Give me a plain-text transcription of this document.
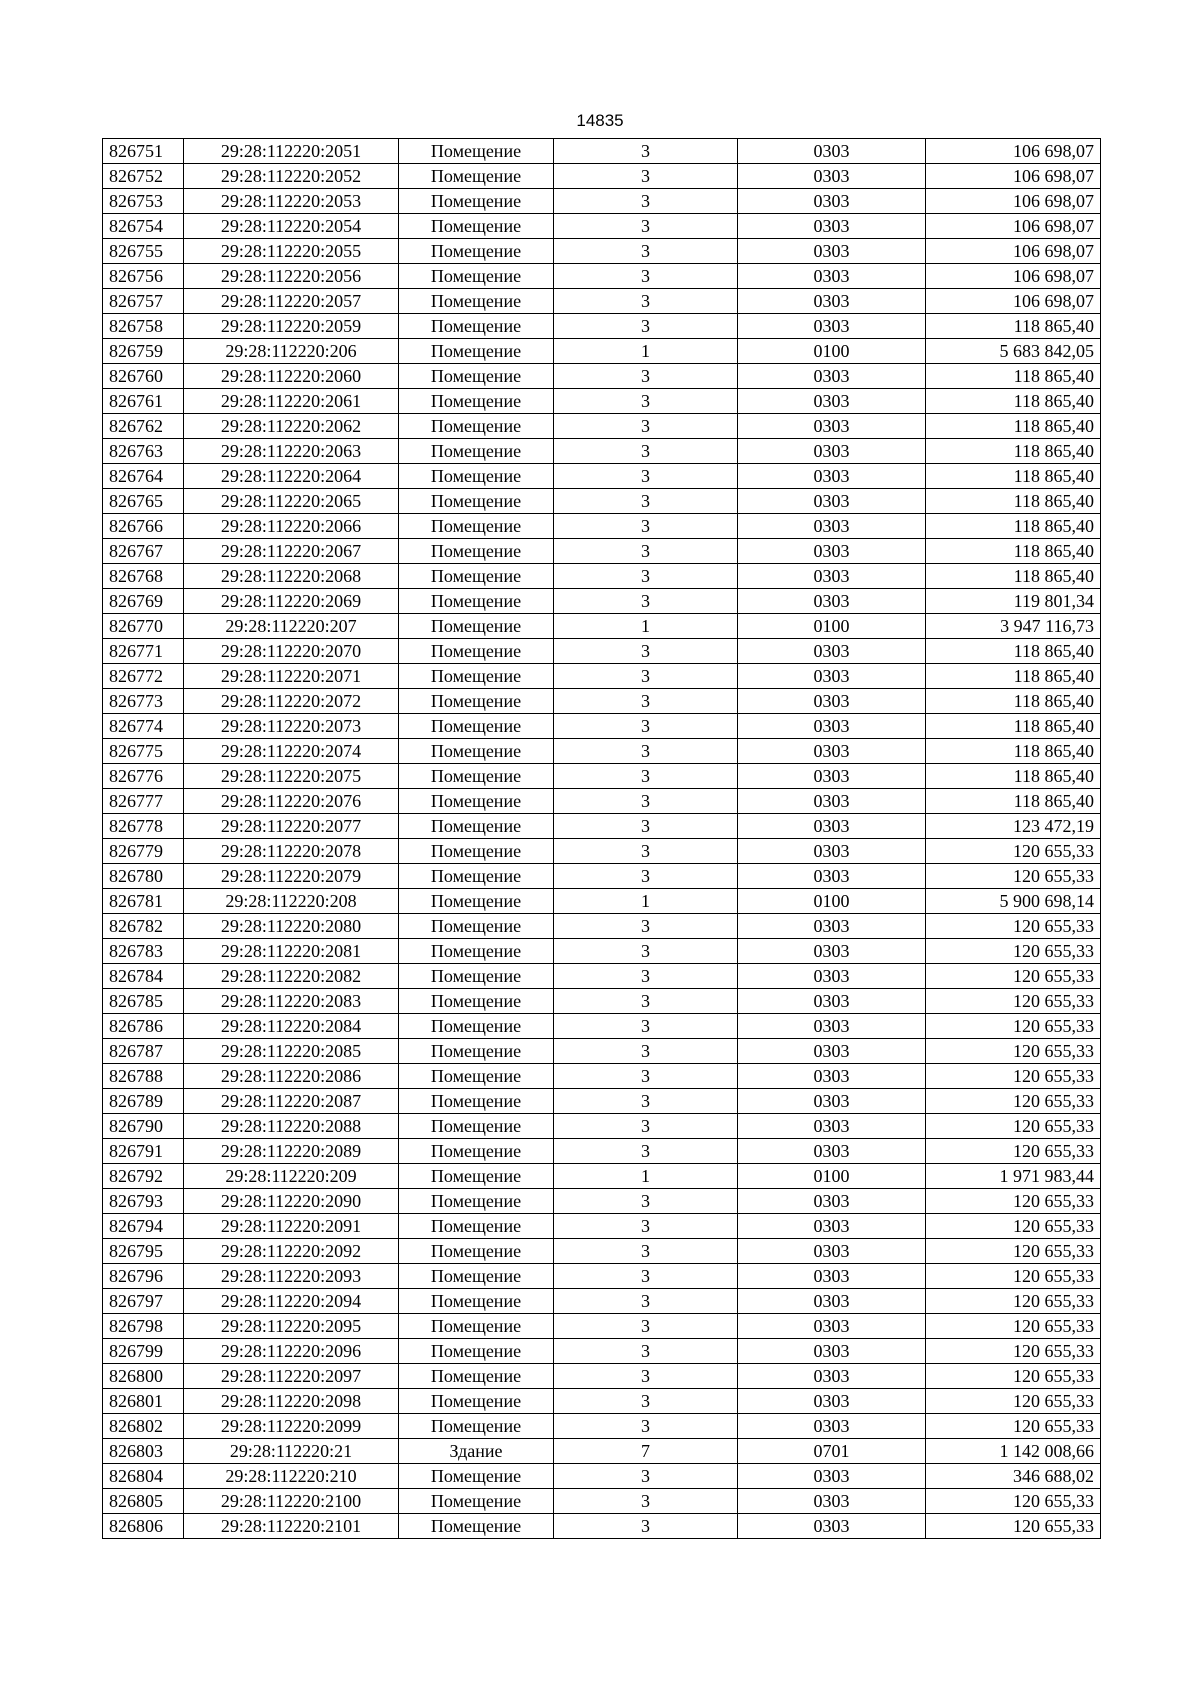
14835
826751	29:28:112220:2051	Помещение	3	0303	106 698,07
826752	29:28:112220:2052	Помещение	3	0303	106 698,07
826753	29:28:112220:2053	Помещение	3	0303	106 698,07
826754	29:28:112220:2054	Помещение	3	0303	106 698,07
826755	29:28:112220:2055	Помещение	3	0303	106 698,07
826756	29:28:112220:2056	Помещение	3	0303	106 698,07
826757	29:28:112220:2057	Помещение	3	0303	106 698,07
826758	29:28:112220:2059	Помещение	3	0303	118 865,40
826759	29:28:112220:206	Помещение	1	0100	5 683 842,05
826760	29:28:112220:2060	Помещение	3	0303	118 865,40
826761	29:28:112220:2061	Помещение	3	0303	118 865,40
826762	29:28:112220:2062	Помещение	3	0303	118 865,40
826763	29:28:112220:2063	Помещение	3	0303	118 865,40
826764	29:28:112220:2064	Помещение	3	0303	118 865,40
826765	29:28:112220:2065	Помещение	3	0303	118 865,40
826766	29:28:112220:2066	Помещение	3	0303	118 865,40
826767	29:28:112220:2067	Помещение	3	0303	118 865,40
826768	29:28:112220:2068	Помещение	3	0303	118 865,40
826769	29:28:112220:2069	Помещение	3	0303	119 801,34
826770	29:28:112220:207	Помещение	1	0100	3 947 116,73
826771	29:28:112220:2070	Помещение	3	0303	118 865,40
826772	29:28:112220:2071	Помещение	3	0303	118 865,40
826773	29:28:112220:2072	Помещение	3	0303	118 865,40
826774	29:28:112220:2073	Помещение	3	0303	118 865,40
826775	29:28:112220:2074	Помещение	3	0303	118 865,40
826776	29:28:112220:2075	Помещение	3	0303	118 865,40
826777	29:28:112220:2076	Помещение	3	0303	118 865,40
826778	29:28:112220:2077	Помещение	3	0303	123 472,19
826779	29:28:112220:2078	Помещение	3	0303	120 655,33
826780	29:28:112220:2079	Помещение	3	0303	120 655,33
826781	29:28:112220:208	Помещение	1	0100	5 900 698,14
826782	29:28:112220:2080	Помещение	3	0303	120 655,33
826783	29:28:112220:2081	Помещение	3	0303	120 655,33
826784	29:28:112220:2082	Помещение	3	0303	120 655,33
826785	29:28:112220:2083	Помещение	3	0303	120 655,33
826786	29:28:112220:2084	Помещение	3	0303	120 655,33
826787	29:28:112220:2085	Помещение	3	0303	120 655,33
826788	29:28:112220:2086	Помещение	3	0303	120 655,33
826789	29:28:112220:2087	Помещение	3	0303	120 655,33
826790	29:28:112220:2088	Помещение	3	0303	120 655,33
826791	29:28:112220:2089	Помещение	3	0303	120 655,33
826792	29:28:112220:209	Помещение	1	0100	1 971 983,44
826793	29:28:112220:2090	Помещение	3	0303	120 655,33
826794	29:28:112220:2091	Помещение	3	0303	120 655,33
826795	29:28:112220:2092	Помещение	3	0303	120 655,33
826796	29:28:112220:2093	Помещение	3	0303	120 655,33
826797	29:28:112220:2094	Помещение	3	0303	120 655,33
826798	29:28:112220:2095	Помещение	3	0303	120 655,33
826799	29:28:112220:2096	Помещение	3	0303	120 655,33
826800	29:28:112220:2097	Помещение	3	0303	120 655,33
826801	29:28:112220:2098	Помещение	3	0303	120 655,33
826802	29:28:112220:2099	Помещение	3	0303	120 655,33
826803	29:28:112220:21	Здание	7	0701	1 142 008,66
826804	29:28:112220:210	Помещение	3	0303	346 688,02
826805	29:28:112220:2100	Помещение	3	0303	120 655,33
826806	29:28:112220:2101	Помещение	3	0303	120 655,33
